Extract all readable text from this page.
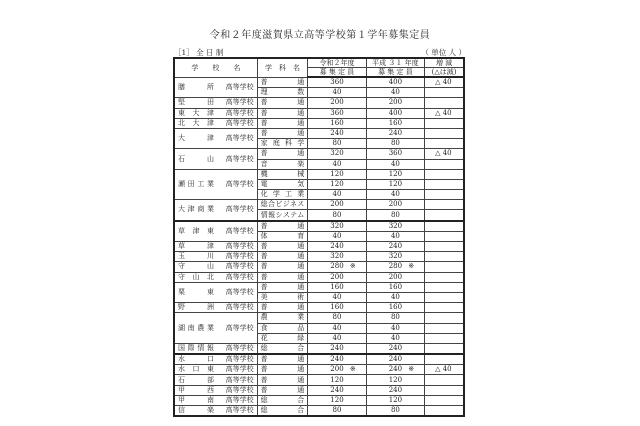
令和２年度滋賀県立高等学校第１学年募集定員
［1］ 全 日 制	（ 単位 人 ）
学　　校　　名	学　科　名	令和２年度	平成 ３１ 年度	増 減
		募 集 定 員	募 集 定 員	(△は減)

膳所 高等学校	普通	360	400	△ 40
	理数	40	40	

堅田 高等学校	普通	200	200	

東大津 高等学校	普通	360	400	△ 40

北大津 高等学校	普通	160	160	

大津 高等学校	普通	240	240	
	家庭科学	80	80	

石山 高等学校	普通	320	360	△ 40
	音楽	40	40	

瀬田工業 高等学校	機械	120	120	
	電気	120	120	
	化学工業	40	40	

大津商業 高等学校	総合ビジネス	200	200	
	情報システム	80	80	

草津東 高等学校	普通	320	320	
	体育	40	40	

草津 高等学校	普通	240	240	

玉川 高等学校	普通	320	320	

守山 高等学校	普通	280 ※	280 ※	

守山北 高等学校	普通	200	200	

栗東 高等学校	普通	160	160	
	美術	40	40	

野洲 高等学校	普通	160	160	

湖南農業 高等学校	農業	80	80	
	食品	40	40	
	花緑	40	40	

国際情報 高等学校	総合	240	240	

水口 高等学校	普通	240	240	

水口東 高等学校	普通	200 ※	240 ※	△ 40

石部 高等学校	普通	120	120	

甲西 高等学校	普通	240	240	

甲南 高等学校	総合	120	120	

信楽 高等学校	総合	80	80	
